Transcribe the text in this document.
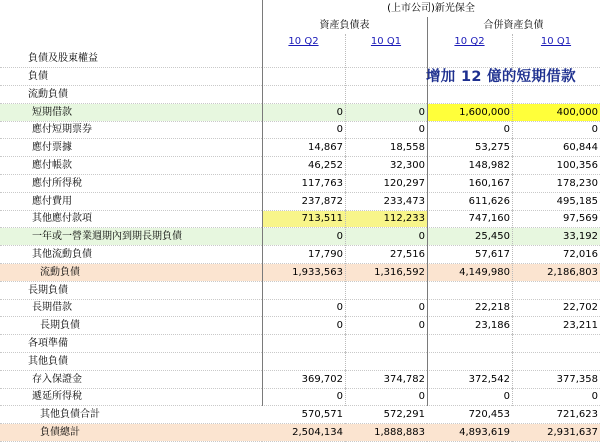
	(上市公司)新光保全			
	資產負債表		合併資產負債	
	10 Q2	10 Q1	10 Q2	10 Q1
負債及股東權益				
負債				
流動負債				
短期借款	0	0	1,600,000	400,000
應付短期票券	0	0	0	0
應付票據	14,867	18,558	53,275	60,844
應付帳款	46,252	32,300	148,982	100,356
應付所得稅	117,763	120,297	160,167	178,230
應付費用	237,872	233,473	611,626	495,185
其他應付款項	713,511	112,233	747,160	97,569
一年或一營業週期內到期長期負債	0	0	25,450	33,192
其他流動負債	17,790	27,516	57,617	72,016
流動負債	1,933,563	1,316,592	4,149,980	2,186,803
長期負債				
長期借款	0	0	22,218	22,702
長期負債	0	0	23,186	23,211
各項準備				
其他負債				
存入保證金	369,702	374,782	372,542	377,358
遞延所得稅	0	0	0	0
其他負債合計	570,571	572,291	720,453	721,623
負債總計	2,504,134	1,888,883	4,893,619	2,931,637
增加 12 億的短期借款
